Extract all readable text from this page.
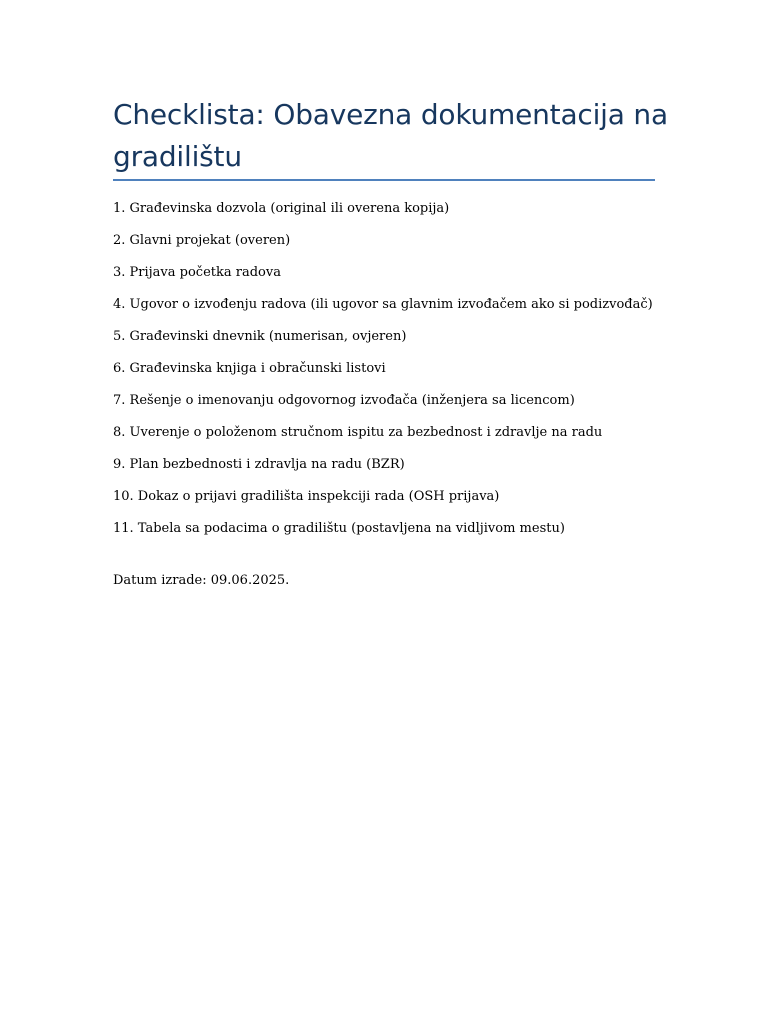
Checklista: Obavezna dokumentacija na gradilištu
1. Građevinska dozvola (original ili overena kopija)
2. Glavni projekat (overen)
3. Prijava početka radova
4. Ugovor o izvođenju radova (ili ugovor sa glavnim izvođačem ako si podizvođač)
5. Građevinski dnevnik (numerisan, ovjeren)
6. Građevinska knjiga i obračunski listovi
7. Rešenje o imenovanju odgovornog izvođača (inženjera sa licencom)
8. Uverenje o položenom stručnom ispitu za bezbednost i zdravlje na radu
9. Plan bezbednosti i zdravlja na radu (BZR)
10. Dokaz o prijavi gradilišta inspekciji rada (OSH prijava)
11. Tabela sa podacima o gradilištu (postavljena na vidljivom mestu)

Datum izrade: 09.06.2025.
